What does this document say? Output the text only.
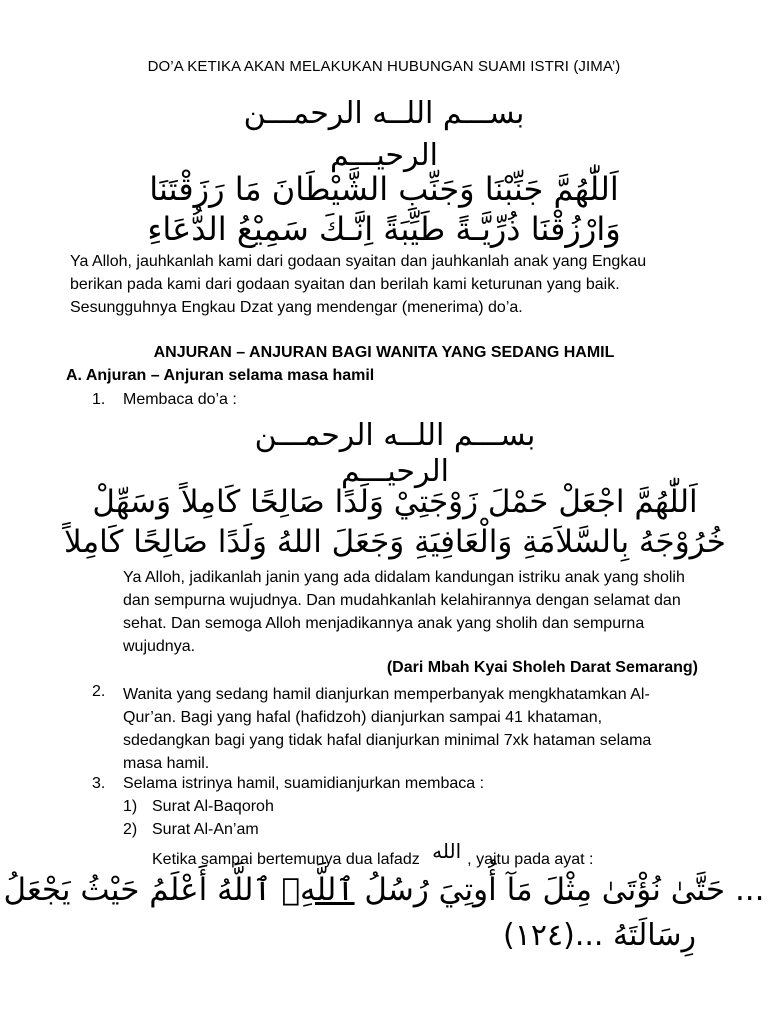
DO’A KETIKA AKAN MELAKUKAN HUBUNGAN SUAMI ISTRI (JIMA’)
بســـم اللــه الرحمـــن
الرحيـــم
اَللّٰهُمَّ جَنِّبْنَا وَجَنِّبِ الشَّيْطَانَ مَا رَزَقْتَنَا
وَارْزُقْنَا ذُرِّيَّـةً طَيِّبَةً اِنَّـكَ سَمِيْعُ الدُّعَاءِ
Ya Alloh, jauhkanlah kami dari godaan syaitan dan jauhkanlah anak yang Engkau
berikan pada kami dari godaan syaitan dan berilah kami keturunan yang baik.
Sesungguhnya Engkau Dzat yang mendengar (menerima) do’a.
ANJURAN – ANJURAN BAGI WANITA YANG SEDANG HAMIL
A. Anjuran – Anjuran selama masa hamil
1. Membaca do’a :
بســـم اللــه الرحمـــن
الرحيـــم
اَللّٰهُمَّ اجْعَلْ حَمْلَ زَوْجَتِيْ وَلَدًا صَالِحًا كَامِلاً وَسَهِّلْ
خُرُوْجَهُ بِالسَّلاَمَةِ وَالْعَافِيَةِ وَجَعَلَ اللهُ وَلَدًا صَالِحًا كَامِلاً
Ya Alloh, jadikanlah janin yang ada didalam kandungan istriku anak yang sholih
dan sempurna wujudnya. Dan mudahkanlah kelahirannya dengan selamat dan
sehat. Dan semoga Alloh menjadikannya anak yang sholih dan sempurna
wujudnya.
(Dari Mbah Kyai Sholeh Darat Semarang)
2. Wanita yang sedang hamil dianjurkan memperbanyak mengkhatamkan Al-
Qur’an. Bagi yang hafal (hafidzoh) dianjurkan sampai 41 khataman,
sdedangkan bagi yang tidak hafal dianjurkan minimal 7xk hataman selama
masa hamil.
3. Selama istrinya hamil, suamidianjurkan membaca :
1) Surat Al-Baqoroh
2) Surat Al-An’am
Ketika sampai bertemunya dua lafadz الله , yaitu pada ayat :
... حَتَّىٰ نُؤْتَىٰ مِثْلَ مَآ أُوتِيَ رُسُلُ ٱللَّهِۘ ٱللَّهُ أَعْلَمُ حَيْثُ يَجْعَلُ
رِسَالَتَهُ ...(١٢٤)
